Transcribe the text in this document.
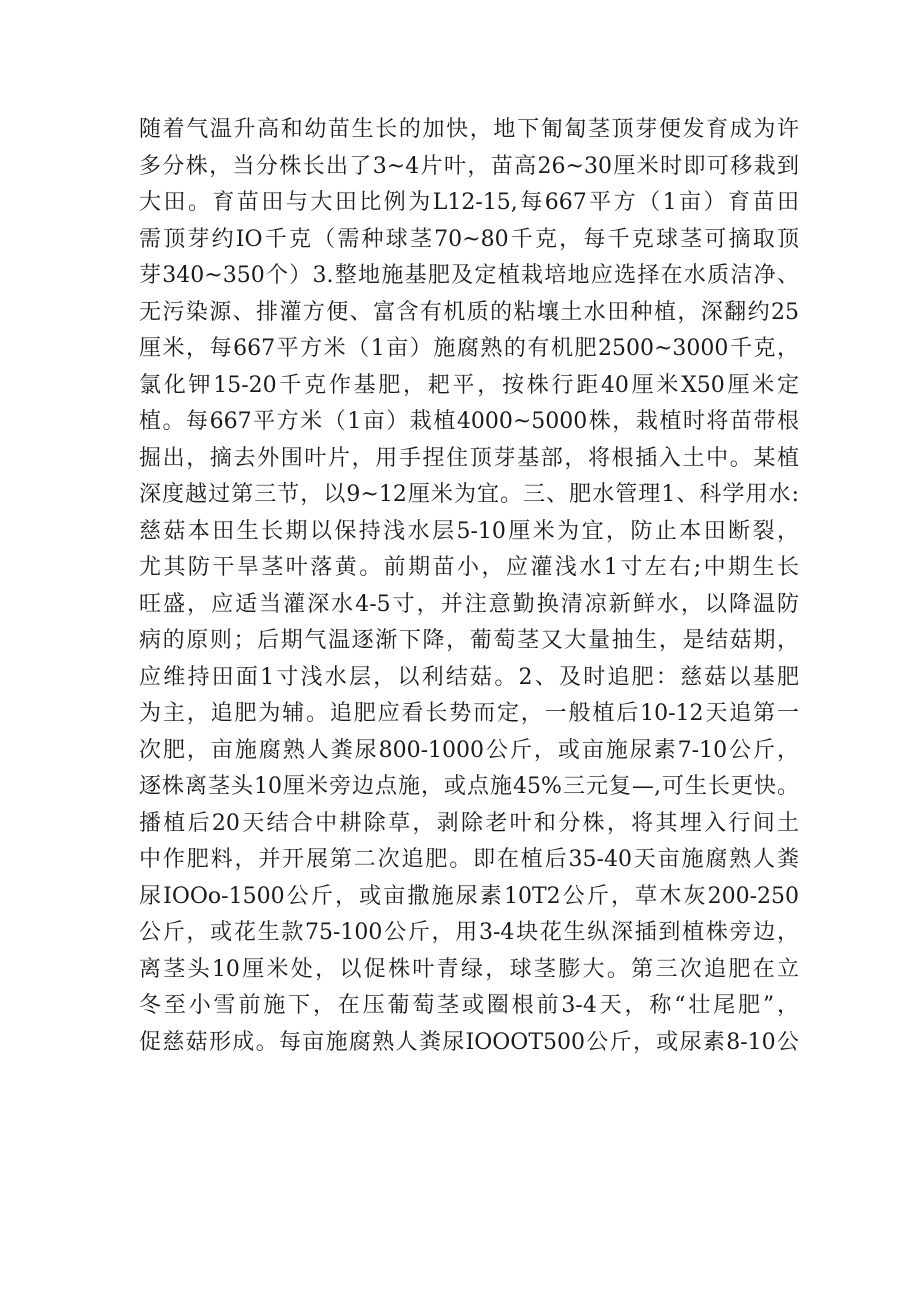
随着气温升高和幼苗生长的加快，地下匍匐茎顶芽便发育成为许
多分株，当分株长出了3~4片叶，苗高26~30厘米时即可移栽到
大田。育苗田与大田比例为L12-15,每667平方（1亩）育苗田
需顶芽约IO千克（需种球茎70~80千克，每千克球茎可摘取顶
芽340~350个）3.整地施基肥及定植栽培地应选择在水质洁净、
无污染源、排灌方便、富含有机质的粘壤土水田种植，深翻约25
厘米，每667平方米（1亩）施腐熟的有机肥2500~3000千克，
氯化钾15-20千克作基肥，耙平，按株行距40厘米X50厘米定
植。每667平方米（1亩）栽植4000~5000株，栽植时将苗带根
掘出，摘去外围叶片，用手捏住顶芽基部，将根插入土中。某植
深度越过第三节，以9~12厘米为宜。三、肥水管理1、科学用水:
慈菇本田生长期以保持浅水层5-10厘米为宜，防止本田断裂，
尤其防干旱茎叶落黄。前期苗小，应灌浅水1寸左右;中期生长
旺盛，应适当灌深水4-5寸，并注意勤换清凉新鲜水，以降温防
病的原则；后期气温逐渐下降，葡萄茎又大量抽生，是结菇期，
应维持田面1寸浅水层，以利结菇。2、及时追肥：慈菇以基肥
为主，追肥为辅。追肥应看长势而定，一般植后10-12天追第一
次肥，亩施腐熟人粪尿800-1000公斤，或亩施尿素7-10公斤，
逐株离茎头10厘米旁边点施，或点施45%三元复—,可生长更快。
播植后20天结合中耕除草，剥除老叶和分株，将其埋入行间土
中作肥料，并开展第二次追肥。即在植后35-40天亩施腐熟人粪
尿IOOo-1500公斤，或亩撒施尿素10T2公斤，草木灰200-250
公斤，或花生款75-100公斤，用3-4块花生纵深插到植株旁边，
离茎头10厘米处，以促株叶青绿，球茎膨大。第三次追肥在立
冬至小雪前施下，在压葡萄茎或圈根前3-4天，称“壮尾肥”，
促慈菇形成。每亩施腐熟人粪尿IOOOT500公斤，或尿素8-10公
